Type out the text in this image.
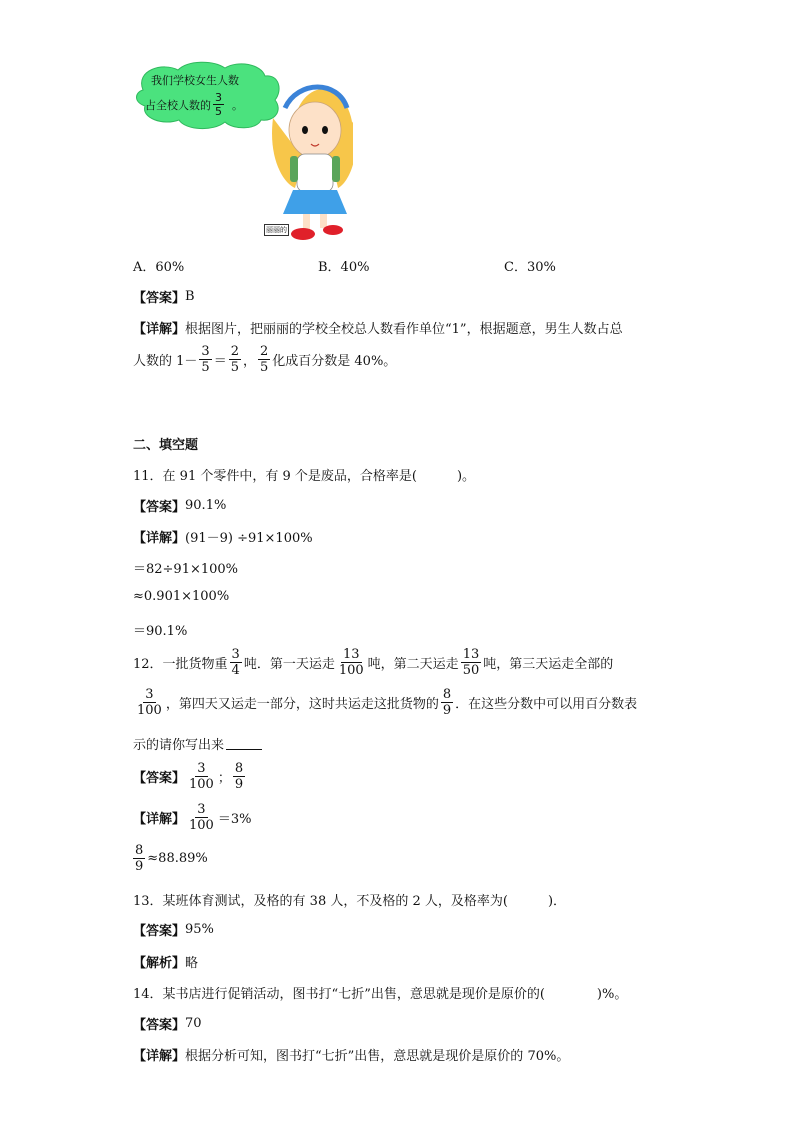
我们学校女生人数
占全校人数的 $\frac{3}{5}$ 。
丽丽的
A．60%	B．40%	C．30%
【答案】 B
【详解】 根据图片，把丽丽的学校全校总人数看作单位“1”，根据题意，男生人数占总
人数的 $1- \frac{3}{5} = \frac{2}{5}$ ， $\frac{2}{5}$ 化成百分数是 40%。
二、填空题
11．在 91 个零件中，有 9 个是废品，合格率是(	)。
【答案】 90.1%
【详解】 (91－9) ÷91×100%
＝82÷91×100%
≈0.901×100%
＝90.1%
12．一批货物重 $\frac{3}{4}$ 吨．第一天运走 $\frac{13}{100}$ 吨，第二天运走 $\frac{13}{50}$ 吨，第三天运走全部的
$\frac{3}{100}$ ，第四天又运走一部分，这时共运走这批货物的 $\frac{8}{9}$ ．在这些分数中可以用百分数表
示的请你写出来
【答案】 $\frac{3}{100}$ ； $\frac{8}{9}$
【详解】 $\frac{3}{100} =3\%$
$\frac{8}{9} \approx 88.89\%$
13．某班体育测试，及格的有 38 人，不及格的 2 人，及格率为(	)．
【答案】 95%
【解析】 略
14．某书店进行促销活动，图书打“七折”出售，意思就是现价是原价的(	)%。
【答案】 70
【详解】 根据分析可知，图书打“七折”出售，意思就是现价是原价的 70%。
